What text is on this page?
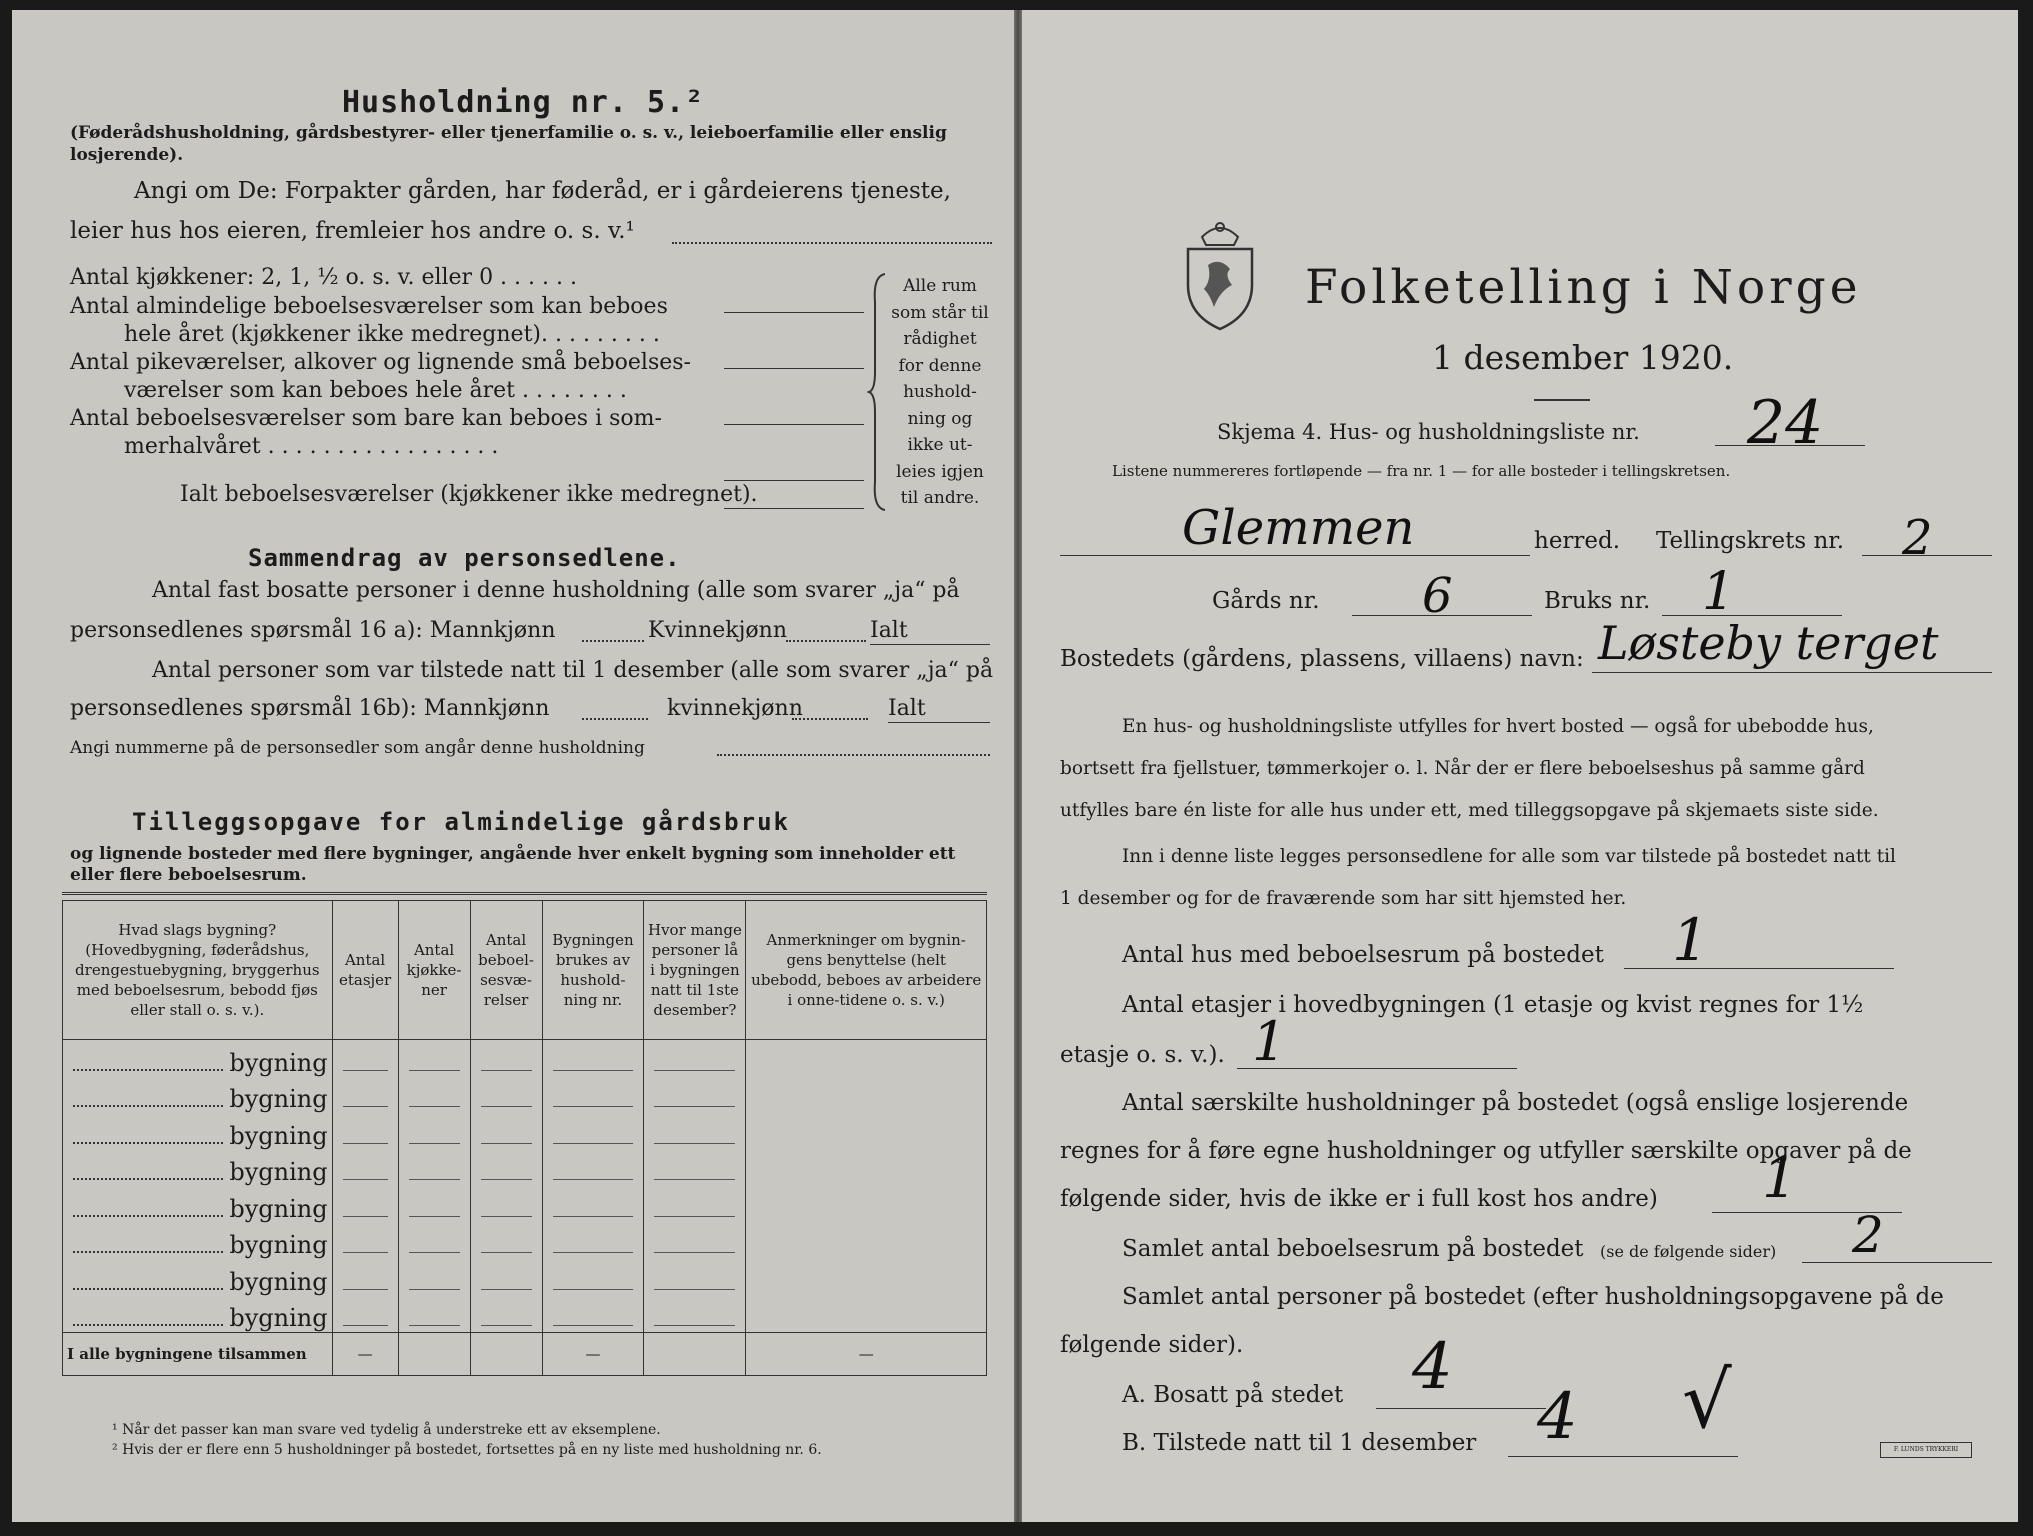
Husholdning nr. 5.²
(Føderådshusholdning, gårdsbestyrer- eller tjenerfamilie o. s. v., leieboerfamilie eller enslig losjerende).
Angi om De: Forpakter gården, har føderåd, er i gårdeierens tjeneste,
leier hus hos eieren, fremleier hos andre o. s. v.¹
Antal kjøkkener: 2, 1, ½ o. s. v. eller 0 . . . . . .
Antal almindelige beboelsesværelser som kan beboes
hele året (kjøkkener ikke medregnet). . . . . . . . .
Antal pikeværelser, alkover og lignende små beboelses-
værelser som kan beboes hele året . . . . . . . .
Antal beboelsesværelser som bare kan beboes i som-
merhalvåret . . . . . . . . . . . . . . . . .
Ialt beboelsesværelser (kjøkkener ikke medregnet).
Alle rum
som står til
rådighet
for denne
hushold-
ning og
ikke ut-
leies igjen
til andre.
Sammendrag av personsedlene.
Antal fast bosatte personer i denne husholdning (alle som svarer „ja“ på
personsedlenes spørsmål 16 a): Mannkjønn	Kvinnekjønn	Ialt
Antal personer som var tilstede natt til 1 desember (alle som svarer „ja“ på
personsedlenes spørsmål 16b): Mannkjønn	kvinnekjønn	Ialt
Angi nummerne på de personsedler som angår denne husholdning
Tilleggsopgave for almindelige gårdsbruk
og lignende bosteder med flere bygninger, angående hver enkelt bygning som inneholder ett eller flere beboelsesrum.
Hvad slags bygning? (Hovedbygning, føderådshus, drengestuebygning, bryggerhus med beboelsesrum, bebodd fjøs eller stall o. s. v.).	Antal etasjer	Antal kjøkke-ner	Antal beboel-sesvæ-relser	Bygningen brukes av hushold-ning nr.	Hvor mange personer lå i bygningen natt til 1ste desember?	Anmerkninger om bygnin-gens benyttelse (helt ubebodd, beboes av arbeidere i onne-tidene o. s. v.)
bygning	

bygning	

bygning	

bygning	

bygning	

bygning	

bygning	

bygning	

I alle bygningene tilsammen	—			—		—
¹ Når det passer kan man svare ved tydelig å understreke ett av eksemplene.
² Hvis der er flere enn 5 husholdninger på bostedet, fortsettes på en ny liste med husholdning nr. 6.
Folketelling i Norge
1 desember 1920.
Skjema 4. Hus- og husholdningsliste nr. 24
Listene nummereres fortløpende — fra nr. 1 — for alle bosteder i tellingskretsen.
Glemmen	herred. Tellingskrets nr. 2
Gårds nr. 6	Bruks nr. 1
Bostedets (gårdens, plassens, villaens) navn: Løsteby terget
En hus- og husholdningsliste utfylles for hvert bosted — også for ubebodde hus,
bortsett fra fjellstuer, tømmerkojer o. l. Når der er flere beboelseshus på samme gård
utfylles bare én liste for alle hus under ett, med tilleggsopgave på skjemaets siste side.
Inn i denne liste legges personsedlene for alle som var tilstede på bostedet natt til
1 desember og for de fraværende som har sitt hjemsted her.
Antal hus med beboelsesrum på bostedet 1
Antal etasjer i hovedbygningen (1 etasje og kvist regnes for 1½
etasje o. s. v.). 1
Antal særskilte husholdninger på bostedet (også enslige losjerende
regnes for å føre egne husholdninger og utfyller særskilte opgaver på de
følgende sider, hvis de ikke er i full kost hos andre) 1
Samlet antal beboelsesrum på bostedet (se de følgende sider) 2
Samlet antal personer på bostedet (efter husholdningsopgavene på de
følgende sider).
A. Bosatt på stedet 4
B. Tilstede natt til 1 desember 4 √
F. LUNDS TRYKKERI
